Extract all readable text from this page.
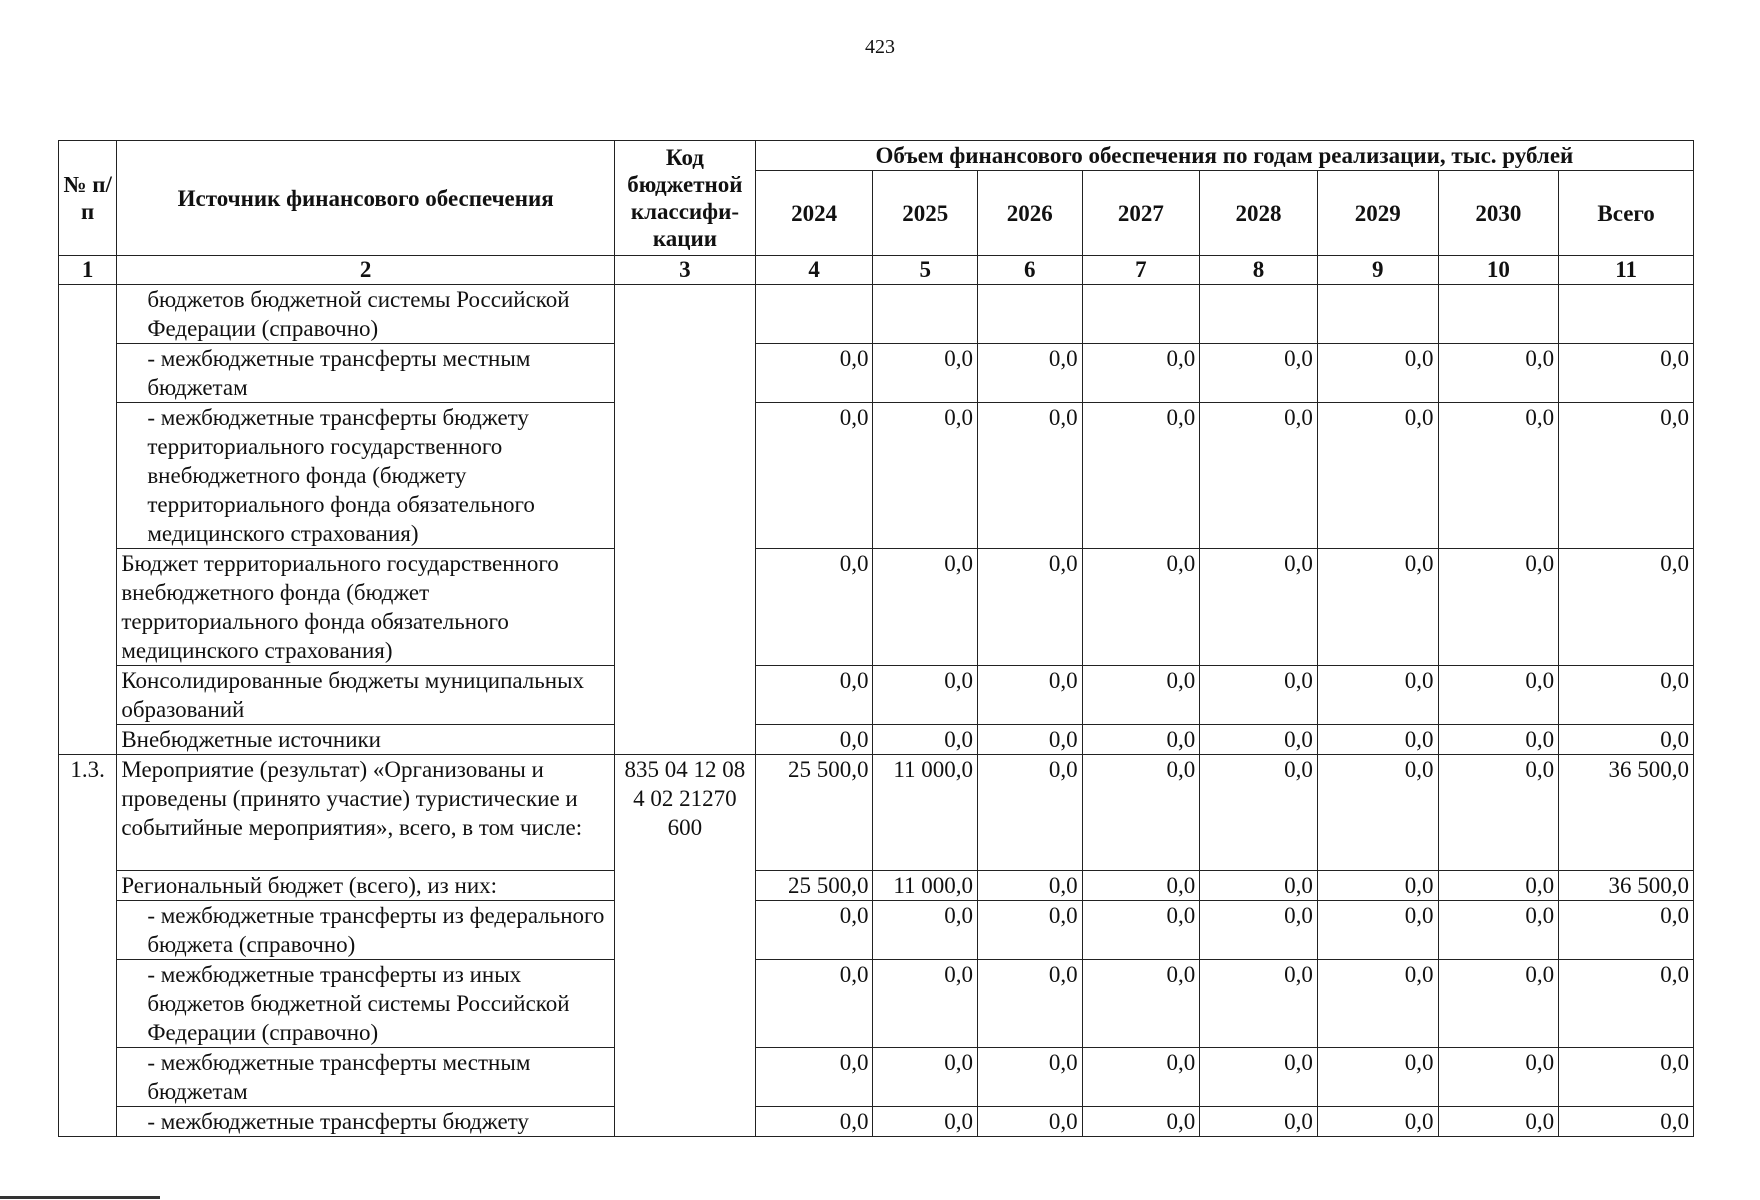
423
№ п/п	Источник финансового обеспечения	Код бюджетной классифи-кации	Объем финансового обеспечения по годам реализации, тыс. рублей							
			2024	2025	2026	2027	2028	2029	2030	Всего
1	2	3	4	5	6	7	8	9	10	11
	бюджетов бюджетной системы Российской Федерации (справочно)									
	- межбюджетные трансферты местным бюджетам		0,0	0,0	0,0	0,0	0,0	0,0	0,0	0,0
	- межбюджетные трансферты бюджету территориального государственного внебюджетного фонда (бюджету территориального фонда обязательного медицинского страхования)		0,0	0,0	0,0	0,0	0,0	0,0	0,0	0,0
	Бюджет территориального государственного внебюджетного фонда (бюджет территориального фонда обязательного медицинского страхования)		0,0	0,0	0,0	0,0	0,0	0,0	0,0	0,0
	Консолидированные бюджеты муниципальных образований		0,0	0,0	0,0	0,0	0,0	0,0	0,0	0,0
	Внебюджетные источники		0,0	0,0	0,0	0,0	0,0	0,0	0,0	0,0
1.3.	Мероприятие (результат) «Организованы и проведены (принято участие) туристические и событийные мероприятия», всего, в том числе:	835 04 12 08 4 02 21270 600	25 500,0	11 000,0	0,0	0,0	0,0	0,0	0,0	36 500,0
	Региональный бюджет (всего), из них:		25 500,0	11 000,0	0,0	0,0	0,0	0,0	0,0	36 500,0
	- межбюджетные трансферты из федерального бюджета (справочно)		0,0	0,0	0,0	0,0	0,0	0,0	0,0	0,0
	- межбюджетные трансферты из иных бюджетов бюджетной системы Российской Федерации (справочно)		0,0	0,0	0,0	0,0	0,0	0,0	0,0	0,0
	- межбюджетные трансферты местным бюджетам		0,0	0,0	0,0	0,0	0,0	0,0	0,0	0,0
	- межбюджетные трансферты бюджету		0,0	0,0	0,0	0,0	0,0	0,0	0,0	0,0
